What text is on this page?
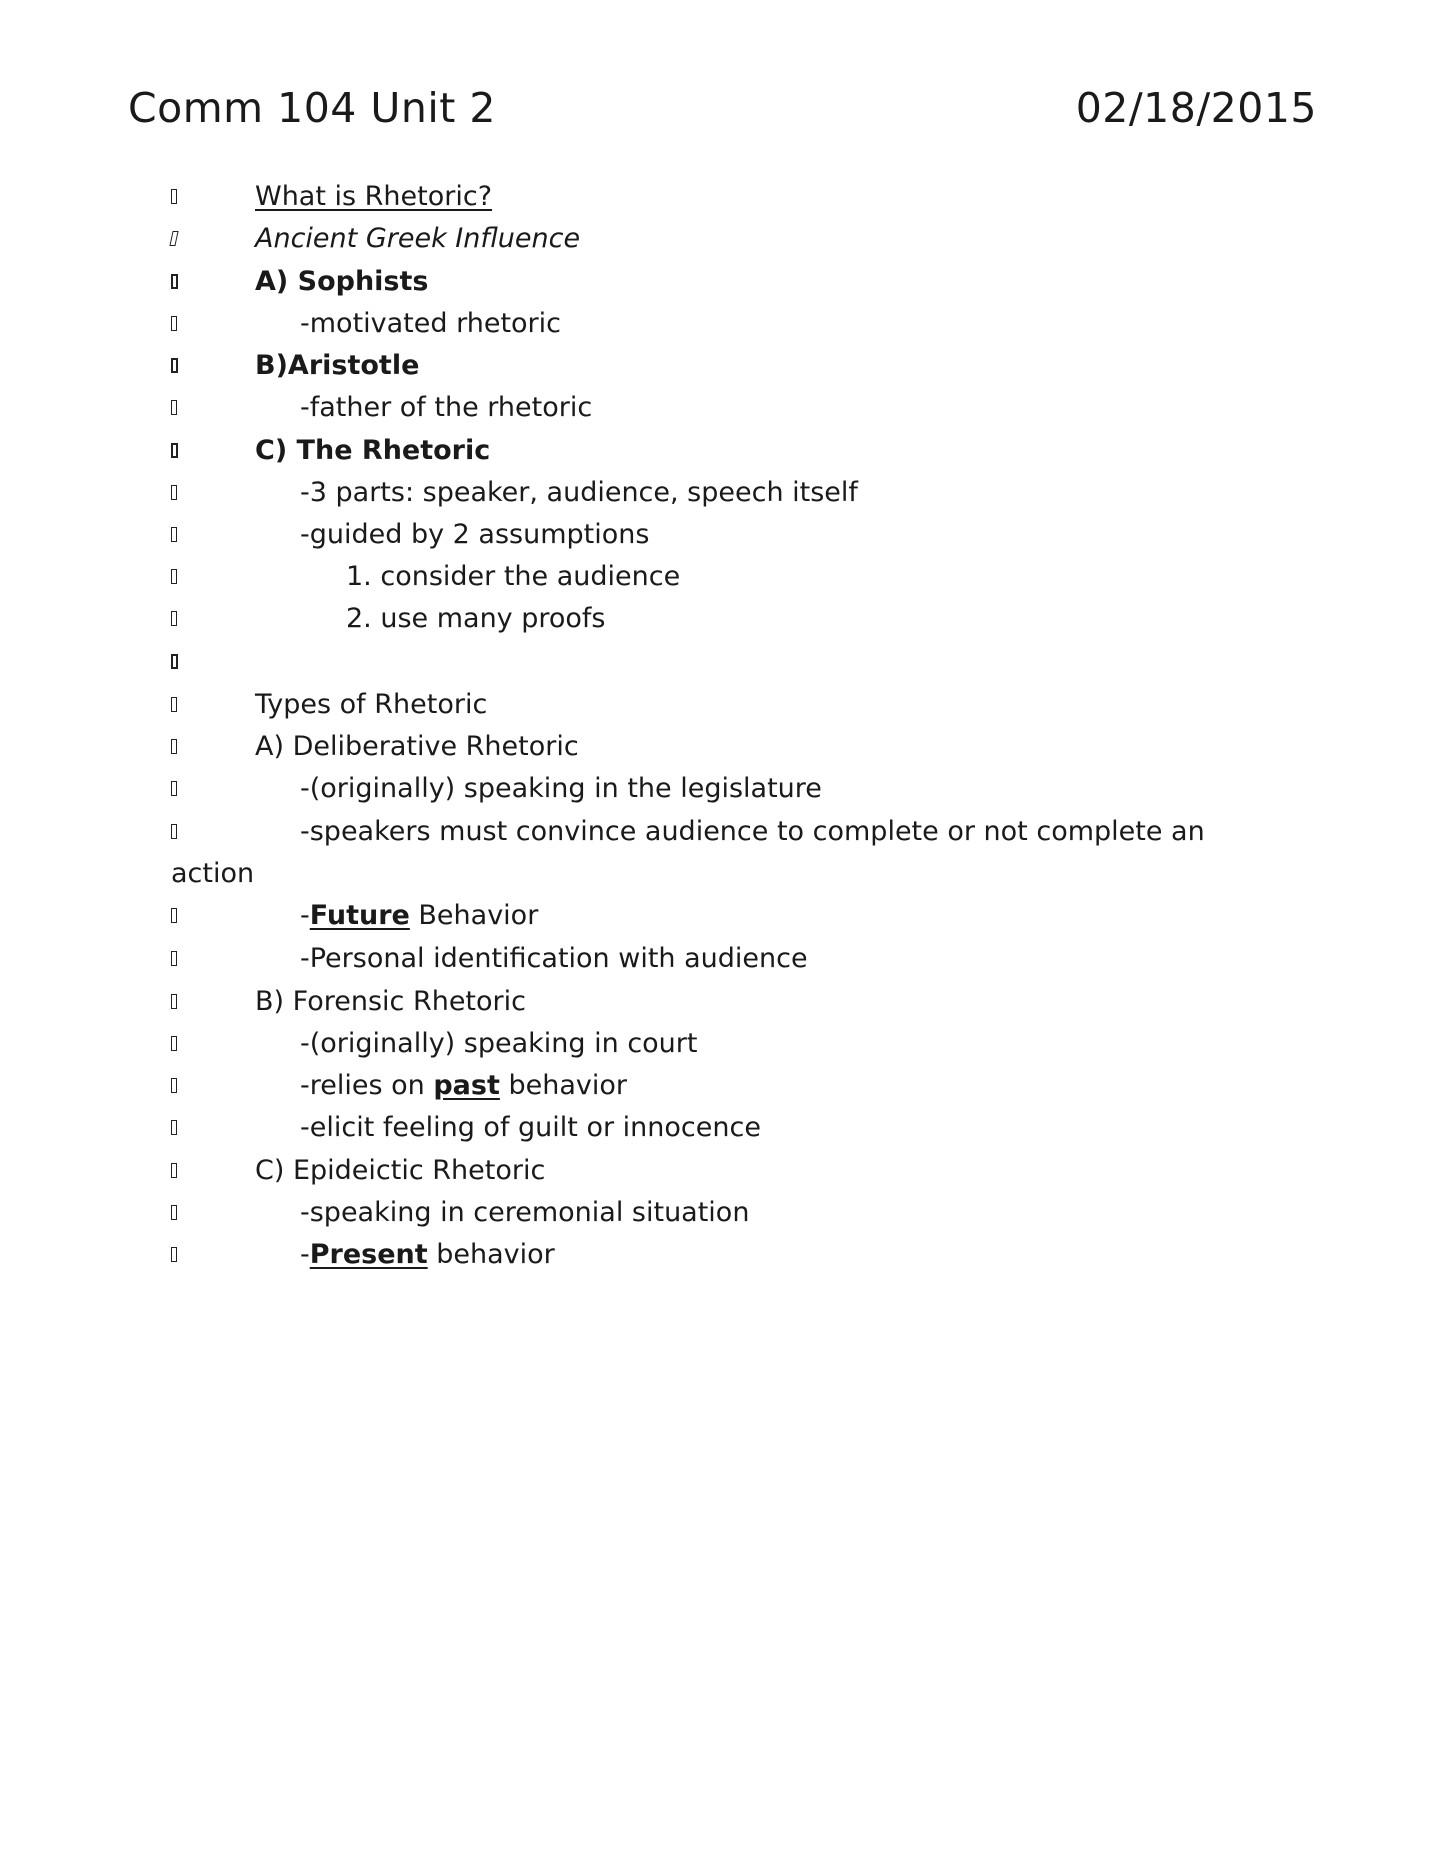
Comm 104 Unit 2	02/18/2015
What is Rhetoric?
Ancient Greek Influence
A) Sophists
-motivated rhetoric
B)Aristotle
-father of the rhetoric
C) The Rhetoric
-3 parts: speaker, audience, speech itself
-guided by 2 assumptions
1. consider the audience
2. use many proofs
Types of Rhetoric
A) Deliberative Rhetoric
-(originally) speaking in the legislature
-speakers must convince audience to complete or not complete an
action
-Future Behavior
-Personal identification with audience
B) Forensic Rhetoric
-(originally) speaking in court
-relies on past behavior
-elicit feeling of guilt or innocence
C) Epideictic Rhetoric
-speaking in ceremonial situation
-Present behavior
